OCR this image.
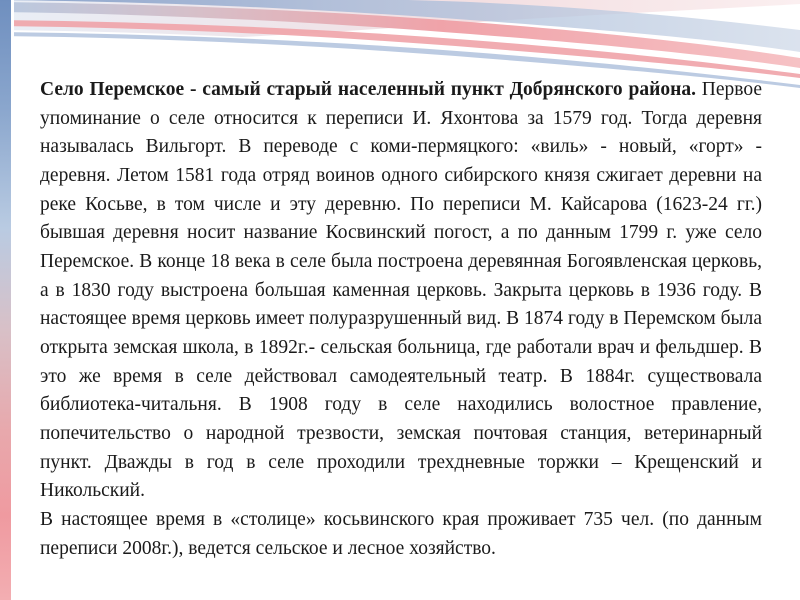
Село Перемское - самый старый населенный пункт Добрянского района. Первое упоминание о селе относится к переписи И. Яхонтова за 1579 год. Тогда деревня называлась Вильгорт. В переводе с коми-пермяцкого: «виль» - новый, «горт» - деревня. Летом 1581 года отряд воинов одного сибирского князя сжигает деревни на реке Косьве, в том числе и эту деревню. По переписи М. Кайсарова (1623-24 гг.) бывшая деревня носит название Косвинский погост, а по данным 1799 г. уже село Перемское. В конце 18 века в селе была построена деревянная Богоявленская церковь, а в 1830 году выстроена большая каменная церковь. Закрыта церковь в 1936 году. В настоящее время церковь имеет полуразрушенный вид. В 1874 году в Перемском была открыта земская школа, в 1892г.- сельская больница, где работали врач и фельдшер. В это же время в селе действовал самодеятельный театр. В 1884г. существовала библиотека-читальня. В 1908 году в селе находились волостное правление, попечительство о народной трезвости, земская почтовая станция, ветеринарный пункт. Дважды в год в селе проходили трехдневные торжки – Крещенский и Никольский.

В настоящее время в «столице» косьвинского края проживает 735 чел. (по данным переписи 2008г.), ведется сельское и лесное хозяйство.
